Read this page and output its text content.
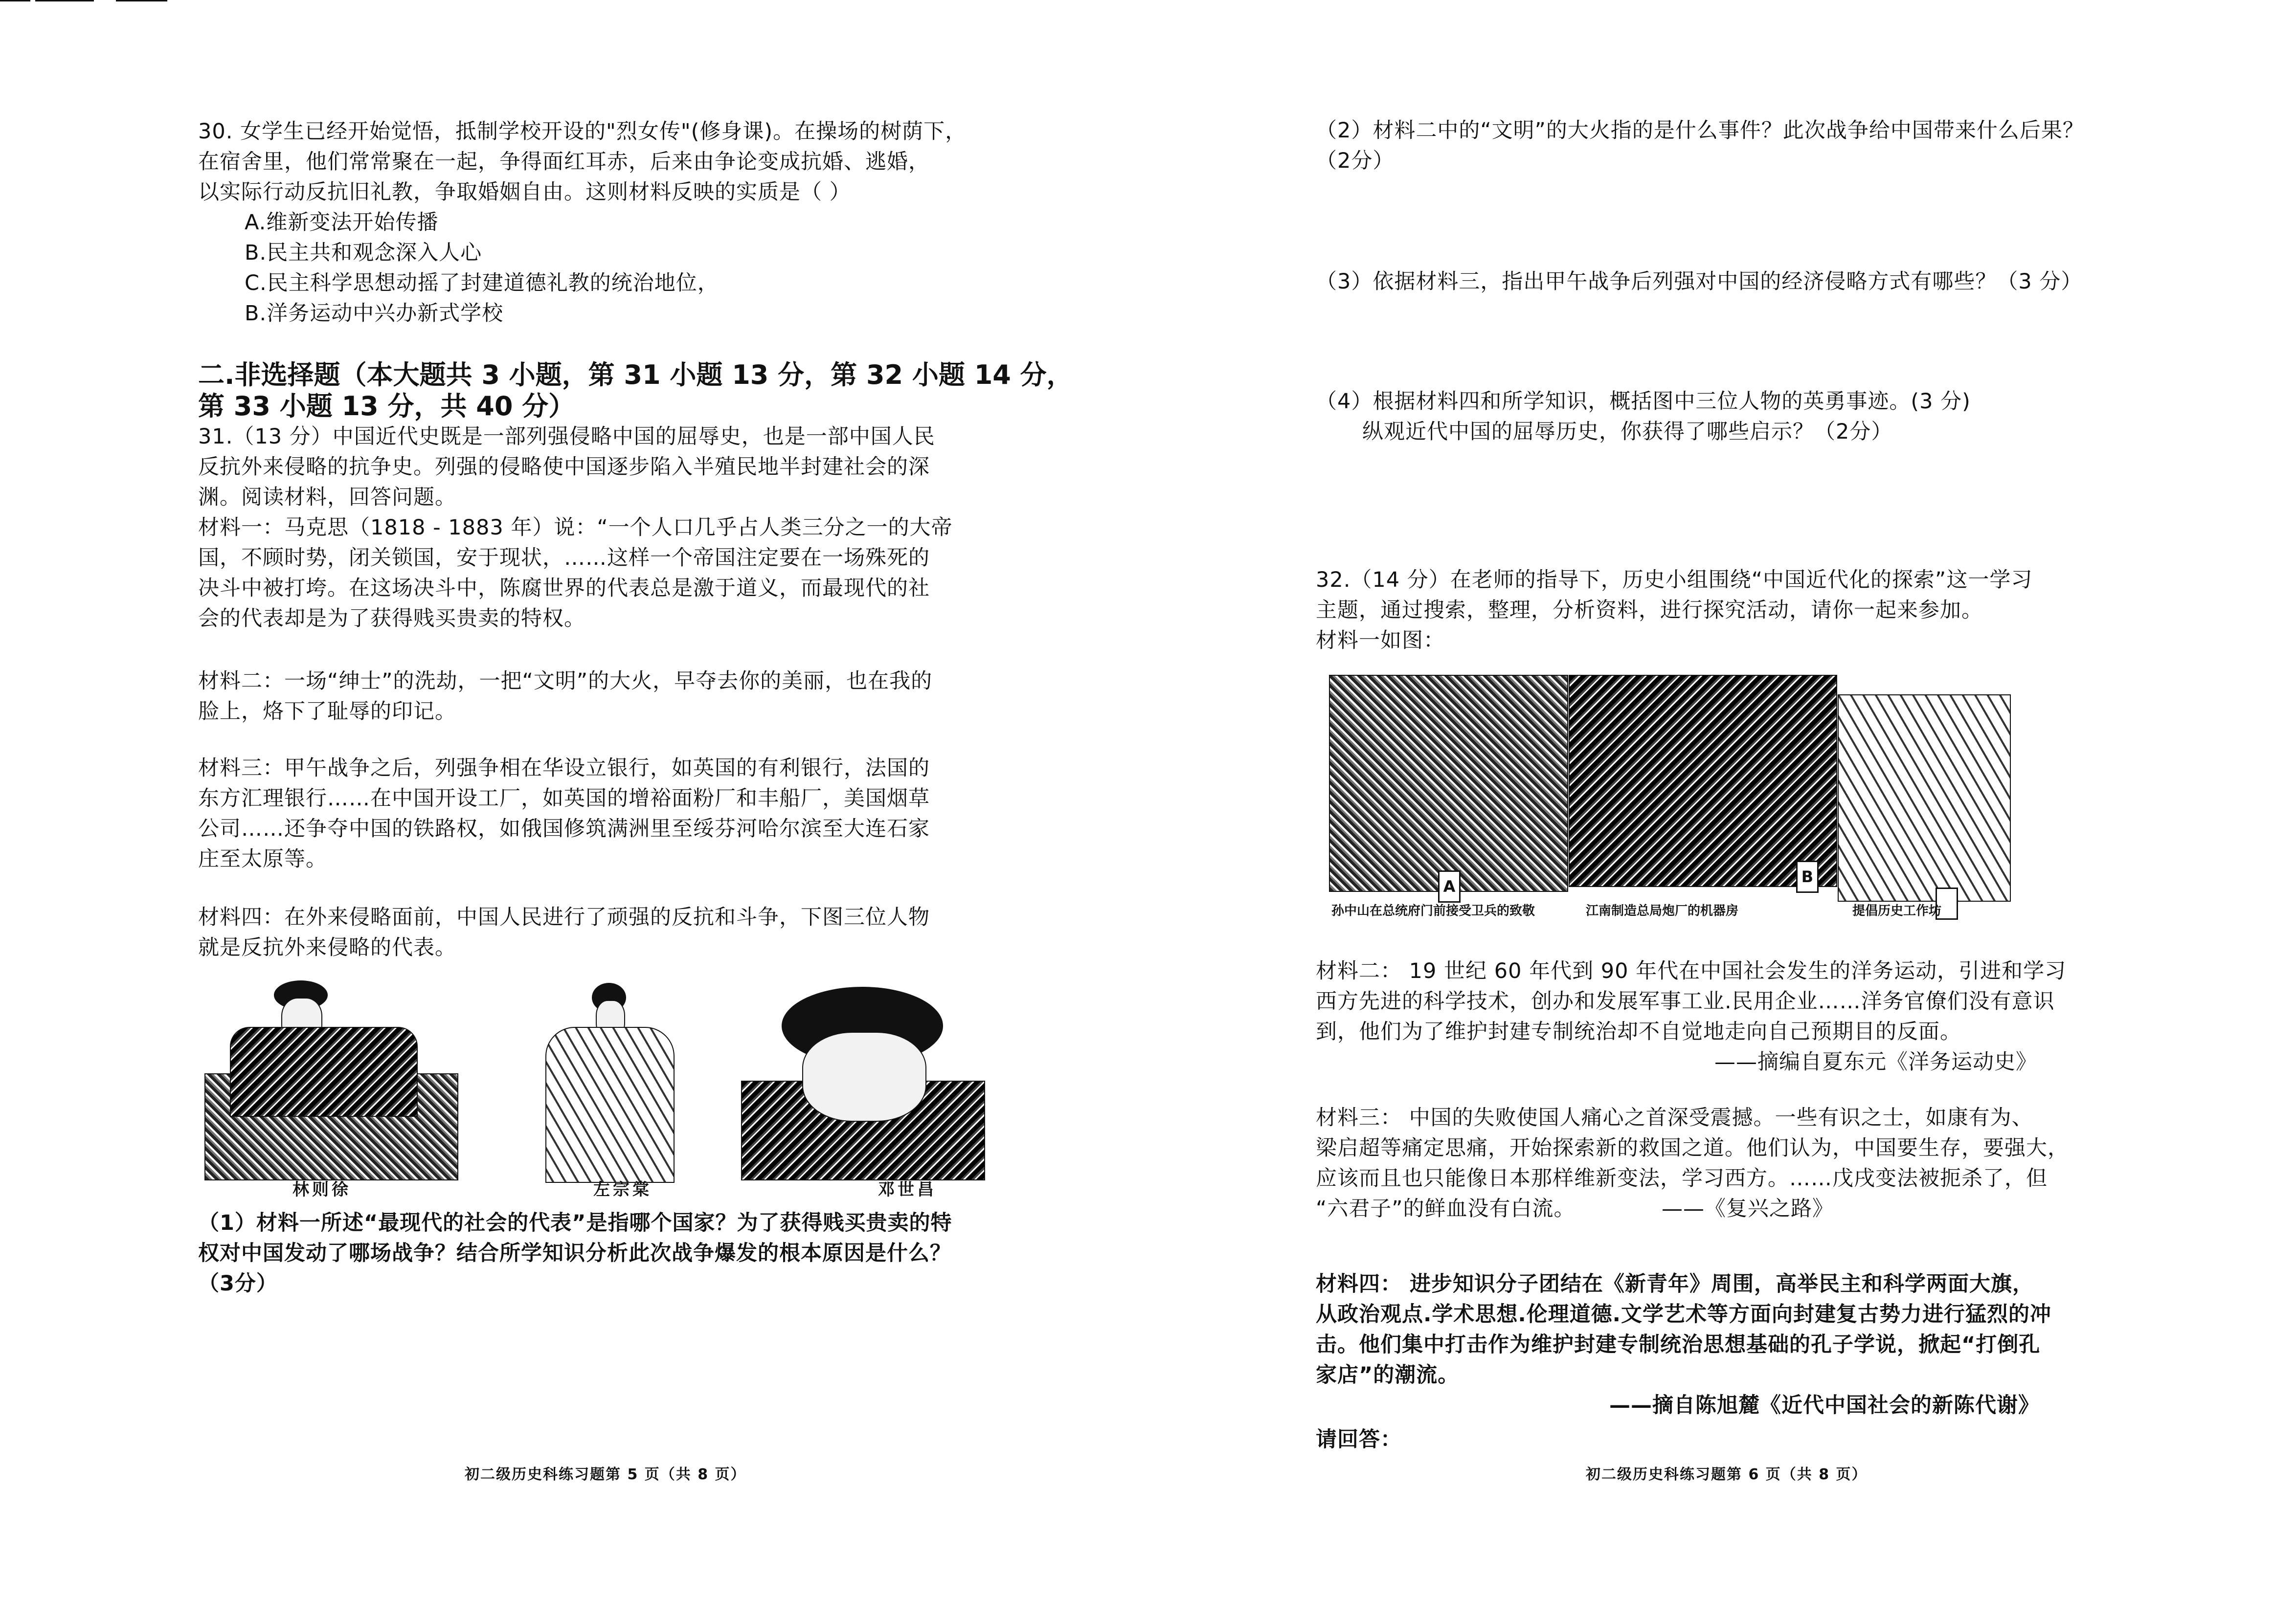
30. 女学生已经开始觉悟，抵制学校开设的"烈女传"(修身课)。在操场的树荫下，
在宿舍里，他们常常聚在一起，争得面红耳赤，后来由争论变成抗婚、逃婚，
以实际行动反抗旧礼教，争取婚姻自由。这则材料反映的实质是（ ）
A.维新变法开始传播
B.民主共和观念深入人心
C.民主科学思想动摇了封建道德礼教的统治地位，
B.洋务运动中兴办新式学校
二.非选择题（本大题共 3 小题，第 31 小题 13 分，第 32 小题 14 分，
第 33 小题 13 分，共 40 分）
31.（13 分）中国近代史既是一部列强侵略中国的屈辱史，也是一部中国人民
反抗外来侵略的抗争史。列强的侵略使中国逐步陷入半殖民地半封建社会的深
渊。阅读材料，回答问题。
材料一：马克思（1818 - 1883 年）说：“一个人口几乎占人类三分之一的大帝
国，不顾时势，闭关锁国，安于现状，……这样一个帝国注定要在一场殊死的
决斗中被打垮。在这场决斗中，陈腐世界的代表总是激于道义，而最现代的社
会的代表却是为了获得贱买贵卖的特权。
材料二：一场“绅士”的洗劫，一把“文明”的大火，早夺去你的美丽，也在我的
脸上，烙下了耻辱的印记。
材料三：甲午战争之后，列强争相在华设立银行，如英国的有利银行，法国的
东方汇理银行……在中国开设工厂，如英国的增裕面粉厂和丰船厂，美国烟草
公司……还争夺中国的铁路权，如俄国修筑满洲里至绥芬河哈尔滨至大连石家
庄至太原等。
材料四：在外来侵略面前，中国人民进行了顽强的反抗和斗争，下图三位人物
就是反抗外来侵略的代表。
林则徐	左宗棠	邓世昌
（1）材料一所述“最现代的社会的代表”是指哪个国家？为了获得贱买贵卖的特
权对中国发动了哪场战争？结合所学知识分析此次战争爆发的根本原因是什么？
（3分）
初二级历史科练习题第 5 页（共 8 页）
（2）材料二中的“文明”的大火指的是什么事件？此次战争给中国带来什么后果？
（2分）
（3）依据材料三，指出甲午战争后列强对中国的经济侵略方式有哪些？（3 分）
（4）根据材料四和所学知识，概括图中三位人物的英勇事迹。(3 分)
纵观近代中国的屈辱历史，你获得了哪些启示？（2分）
32.（14 分）在老师的指导下，历史小组围绕“中国近代化的探索”这一学习
主题，通过搜索，整理，分析资料，进行探究活动，请你一起来参加。
材料一如图：
A
B
孙中山在总统府门前接受卫兵的致敬	江南制造总局炮厂的机器房	提倡历史工作坊
材料二： 19 世纪 60 年代到 90 年代在中国社会发生的洋务运动，引进和学习
西方先进的科学技术，创办和发展军事工业.民用企业……洋务官僚们没有意识
到，他们为了维护封建专制统治却不自觉地走向自己预期目的反面。
——摘编自夏东元《洋务运动史》
材料三： 中国的失败使国人痛心之首深受震撼。一些有识之士，如康有为、
梁启超等痛定思痛，开始探索新的救国之道。他们认为，中国要生存，要强大，
应该而且也只能像日本那样维新变法，学习西方。……戊戌变法被扼杀了，但
“六君子”的鲜血没有白流。	——《复兴之路》
材料四： 进步知识分子团结在《新青年》周围，高举民主和科学两面大旗，
从政治观点.学术思想.伦理道德.文学艺术等方面向封建复古势力进行猛烈的冲
击。他们集中打击作为维护封建专制统治思想基础的孔子学说，掀起“打倒孔
家店”的潮流。
——摘自陈旭麓《近代中国社会的新陈代谢》
请回答：
初二级历史科练习题第 6 页（共 8 页）
